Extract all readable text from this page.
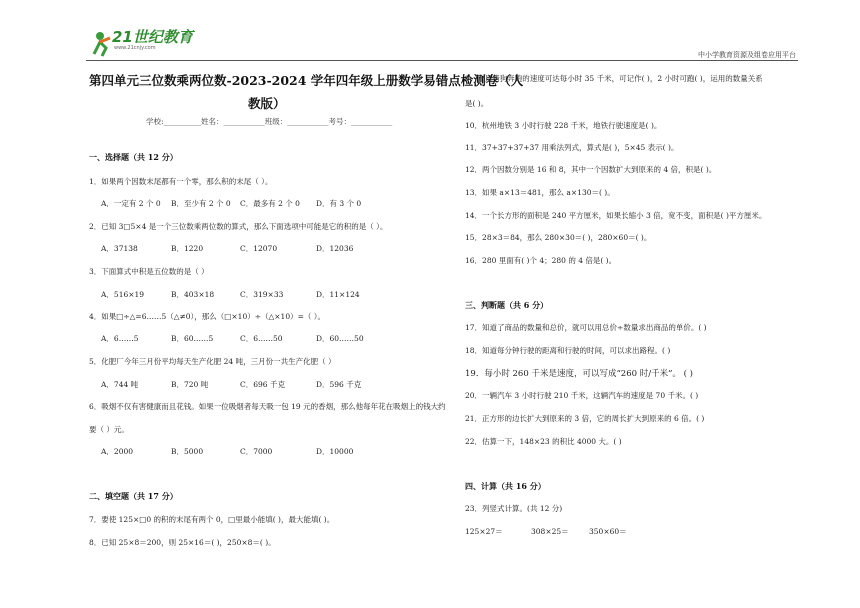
21世纪教育
www.21cnjy.com
中小学教育资源及组卷应用平台
第四单元三位数乘两位数-2023-2024 学年四年级上册数学易错点检测卷（人
教版）
学校:__________姓名：___________班级：___________考号：___________
一、选择题（共 12 分）
1．如果两个因数末尾都有一个零，那么积的末尾（ ）。
A．一定有 2 个 0 B．至少有 2 个 0 C．最多有 2 个 0 D．有 3 个 0
2．已知 3□5×4 是一个三位数乘两位数的算式，那么下面选项中可能是它的积的是（ ）。
A．37138	B．1220	C．12070	D．12036
3．下面算式中积是五位数的是（ ）
A．516×19	B．403×18	C．319×33	D．11×124
4．如果□÷△=6……5（△≠0），那么（□×10）÷（△×10）=（ ）。
A．6……5	B．60……5	C．6……50	D．60……50
5．化肥厂今年三月份平均每天生产化肥 24 吨，三月份一共生产化肥（ ）
A．744 吨	B．720 吨	C．696 千克	D．596 千克
6．吸烟不仅有害健康而且花钱。如果一位吸烟者每天吸一包 19 元的香烟，那么他每年花在吸烟上的钱大约
要（ ）元。
A．2000	B．5000	C．7000	D．10000
二、填空题（共 17 分）
7．要使 125×□0 的积的末尾有两个 0，□里最小能填( )，最大能填( )。
8．已知 25×8＝200，则 25×16＝( )，250×8＝( )。
9．一只猎狗奔跑的速度可达每小时 35 千米，可记作( )，2 小时可跑( )，运用的数量关系
是( )。
10．杭州地铁 3 小时行驶 228 千米，地铁行驶速度是( )。
11．37+37+37+37 用乘法列式，算式是( )，5×45 表示( )。
12．两个因数分别是 16 和 8，其中一个因数扩大到原来的 4 倍，积是( )。
13．如果 a×13＝481，那么 a×130＝( )。
14．一个长方形的面积是 240 平方厘米，如果长缩小 3 倍，宽不变，面积是( )平方厘米。
15．28×3＝84，那么 280×30＝( )，280×60＝( )。
16．280 里面有( )个 4；280 的 4 倍是( )。
三、判断题（共 6 分）
17．知道了商品的数量和总价，就可以用总价÷数量求出商品的单价。( )
18．知道每分钟行驶的距离和行驶的时间，可以求出路程。( )
19．每小时 260 千米是速度，可以写成“260 时/千米”。 ( )
20．一辆汽车 3 小时行驶 210 千米，这辆汽车的速度是 70 千米。( )
21．正方形的边长扩大到原来的 3 倍，它的周长扩大到原来的 6 倍。( )
22．估算一下，148×23 的积比 4000 大。( )
四、计算（共 16 分）
23．列竖式计算。(共 12 分)
125×27＝	308×25＝	350×60＝
